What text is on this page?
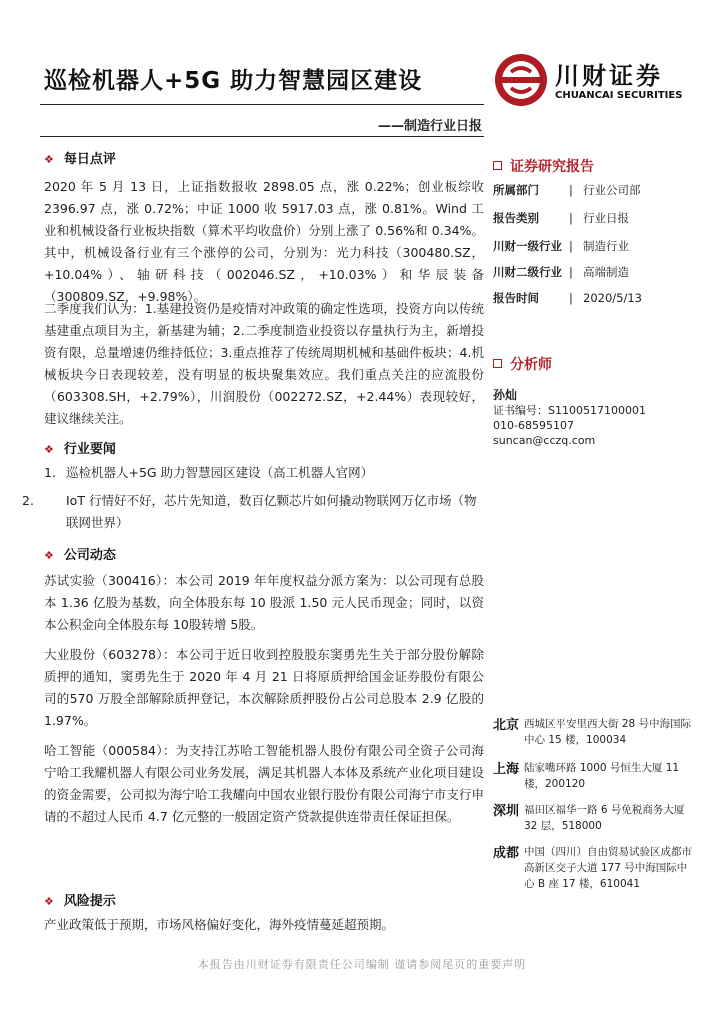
巡检机器人+5G 助力智慧园区建设
——制造行业日报
川财证券
CHUANCAI SECURITIES
❖ 每日点评

2020 年 5 月 13 日，上证指数报收 2898.05 点，涨 0.22%；创业板综收 2396.97 点，涨 0.72%；中证 1000 收 5917.03 点，涨 0.81%。Wind 工业和机械设备行业板块指数（算术平均收盘价）分别上涨了 0.56%和 0.34%。其中，机械设备行业有三个涨停的公司，分别为：光力科技（300480.SZ，+10.04%）、轴研科技（002046.SZ，+10.03%）和华辰装备（300809.SZ，+9.98%）。

二季度我们认为：1.基建投资仍是疫情对冲政策的确定性选项，投资方向以传统基建重点项目为主，新基建为辅；2.二季度制造业投资以存量执行为主，新增投资有限，总量增速仍维持低位；3.重点推荐了传统周期机械和基础件板块；4.机械板块今日表现较差，没有明显的板块聚集效应。我们重点关注的应流股份（603308.SH，+2.79%），川润股份（002272.SZ，+2.44%）表现较好，建议继续关注。

❖ 行业要闻
1. 巡检机器人+5G 助力智慧园区建设（高工机器人官网）
2.	IoT 行情好不好，芯片先知道，数百亿颗芯片如何撬动物联网万亿市场（物联网世界）
❖ 公司动态
苏试实验（300416）：本公司 2019 年年度权益分派方案为：以公司现有总股本 1.36 亿股为基数，向全体股东每 10 股派 1.50 元人民币现金；同时，以资本公积金向全体股东每 10股转增 5股。
大业股份（603278）：本公司于近日收到控股股东窦勇先生关于部分股份解除质押的通知，窦勇先生于 2020 年 4 月 21 日将原质押给国金证券股份有限公司的570 万股全部解除质押登记，本次解除质押股份占公司总股本 2.9 亿股的 1.97%。
哈工智能（000584）：为支持江苏哈工智能机器人股份有限公司全资子公司海宁哈工我耀机器人有限公司业务发展，满足其机器人本体及系统产业化项目建设的资金需要，公司拟为海宁哈工我耀向中国农业银行股份有限公司海宁市支行申请的不超过人民币 4.7 亿元整的一般固定资产贷款提供连带责任保证担保。
❖ 风险提示
产业政策低于预期，市场风格偏好变化，海外疫情蔓延超预期。
证券研究报告
所属部门	| 行业公司部
报告类别	| 行业日报
川财一级行业 | 制造行业
川财二级行业 | 高端制造
报告时间	| 2020/5/13
分析师
孙灿
证书编号：S1100517100001
010-68595107
suncan@cczq.com
北京 西城区平安里西大街 28 号中海国际中心 15 楼，100034
上海 陆家嘴环路 1000 号恒生大厦 11 楼，200120
深圳 福田区福华一路 6 号免税商务大厦 32 层，518000
成都 中国（四川）自由贸易试验区成都市高新区交子大道 177 号中海国际中心 B 座 17 楼，610041
本报告由川财证券有限责任公司编制 谨请参阅尾页的重要声明
